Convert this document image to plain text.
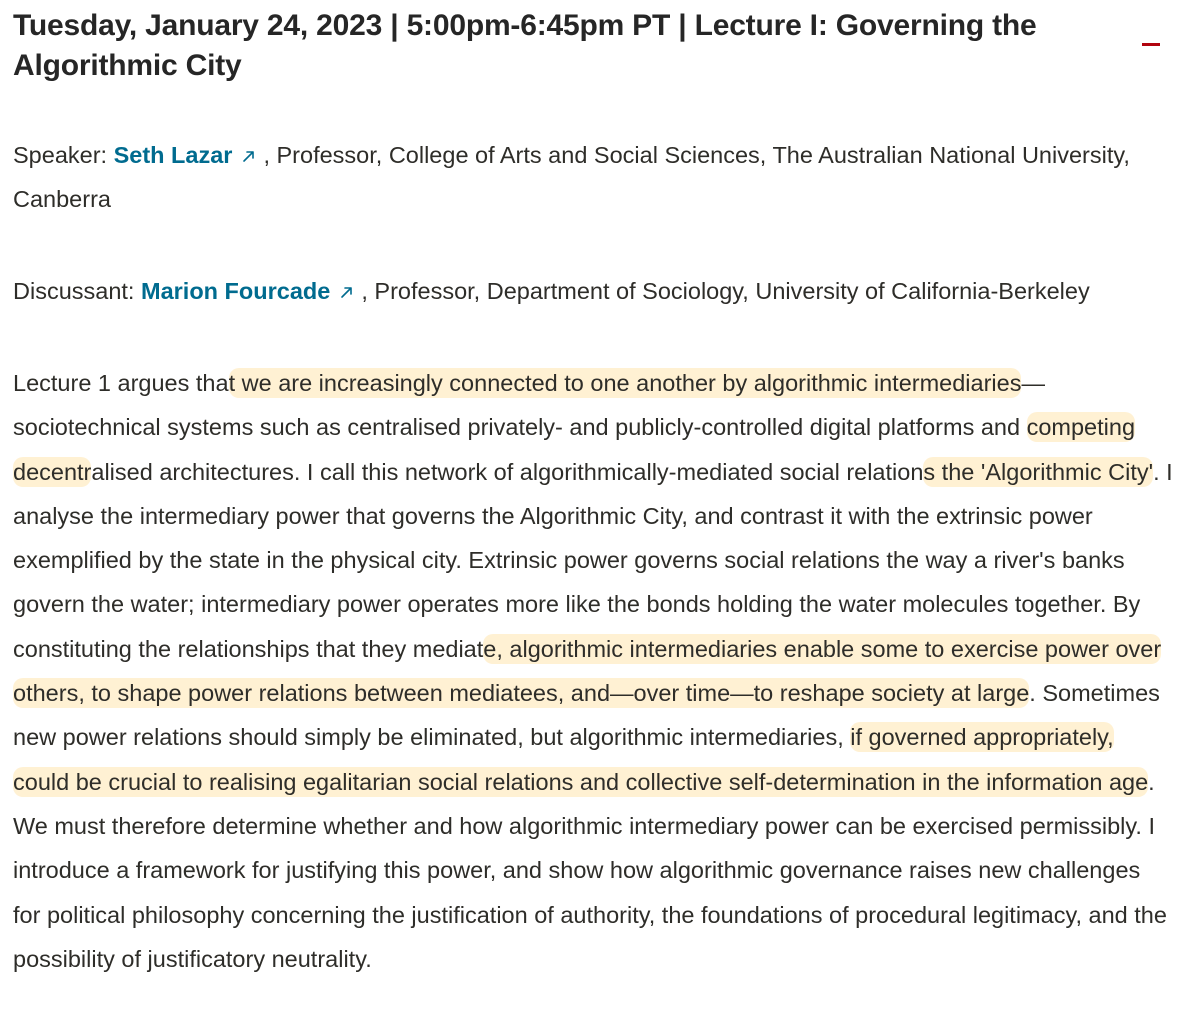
Tuesday, January 24, 2023 | 5:00pm-6:45pm PT | Lecture I: Governing the Algorithmic City

Speaker: Seth Lazar , Professor, College of Arts and Social Sciences, The Australian National University, Canberra

Discussant: Marion Fourcade , Professor, Department of Sociology, University of California-Berkeley

Lecture 1 argues that we are increasingly connected to one another by algorithmic intermediaries—sociotechnical systems such as centralised privately- and publicly-controlled digital platforms and competing decentralised architectures. I call this network of algorithmically-mediated social relations the 'Algorithmic City'. I analyse the intermediary power that governs the Algorithmic City, and contrast it with the extrinsic power exemplified by the state in the physical city. Extrinsic power governs social relations the way a river's banks govern the water; intermediary power operates more like the bonds holding the water molecules together. By constituting the relationships that they mediate, algorithmic intermediaries enable some to exercise power over others, to shape power relations between mediatees, and—over time—to reshape society at large. Sometimes new power relations should simply be eliminated, but algorithmic intermediaries, if governed appropriately, could be crucial to realising egalitarian social relations and collective self-determination in the information age. We must therefore determine whether and how algorithmic intermediary power can be exercised permissibly. I introduce a framework for justifying this power, and show how algorithmic governance raises new challenges for political philosophy concerning the justification of authority, the foundations of procedural legitimacy, and the possibility of justificatory neutrality.
